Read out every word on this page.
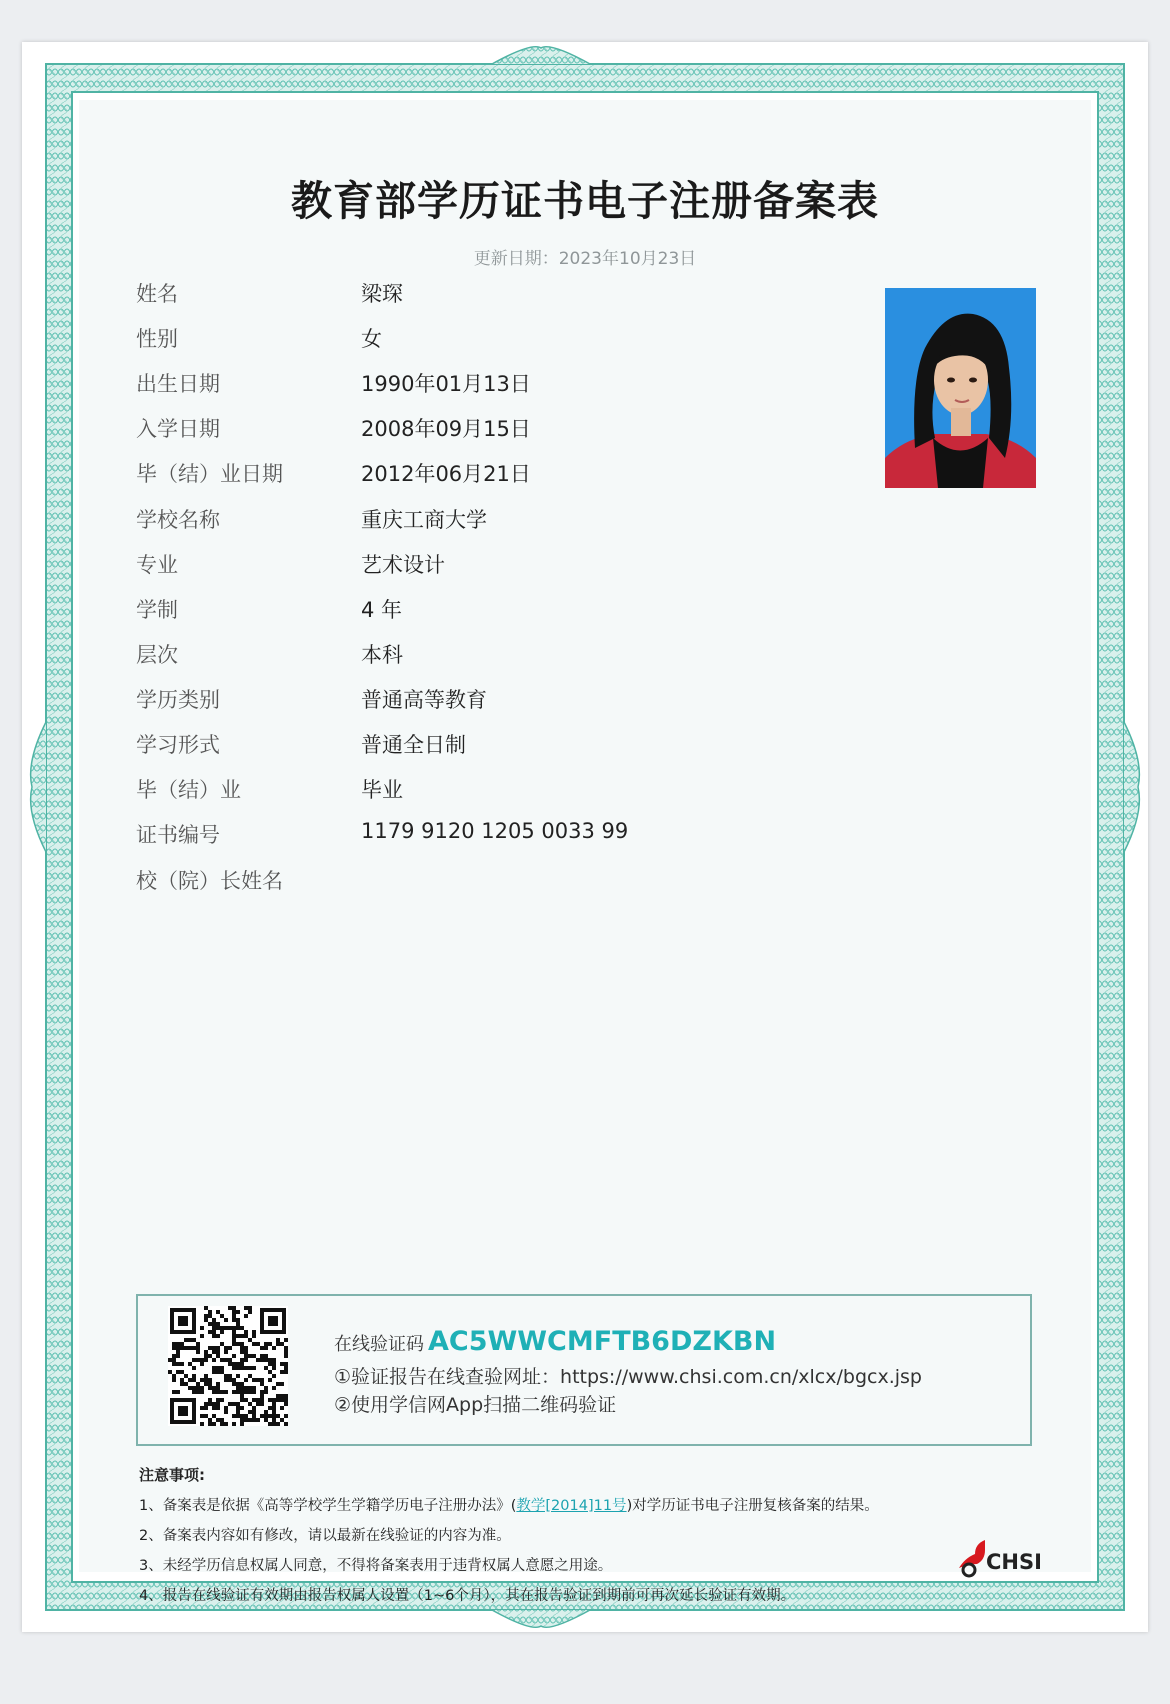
教育部学历证书电子注册备案表
更新日期：2023年10月23日
姓名	梁琛
性别	女
出生日期	1990年01月13日
入学日期	2008年09月15日
毕（结）业日期	2012年06月21日
学校名称	重庆工商大学
专业	艺术设计
学制	4 年
层次	本科
学历类别	普通高等教育
学习形式	普通全日制
毕（结）业	毕业
证书编号	1179 9120 1205 0033 99
校（院）长姓名
在线验证码 AC5WWCMFTB6DZKBN
①验证报告在线查验网址：https://www.chsi.com.cn/xlcx/bgcx.jsp
②使用学信网App扫描二维码验证
注意事项:
1、备案表是依据《高等学校学生学籍学历电子注册办法》(教学[2014]11号)对学历证书电子注册复核备案的结果。
2、备案表内容如有修改，请以最新在线验证的内容为准。
3、未经学历信息权属人同意，不得将备案表用于违背权属人意愿之用途。
4、报告在线验证有效期由报告权属人设置（1~6个月），其在报告验证到期前可再次延长验证有效期。
CHSI
